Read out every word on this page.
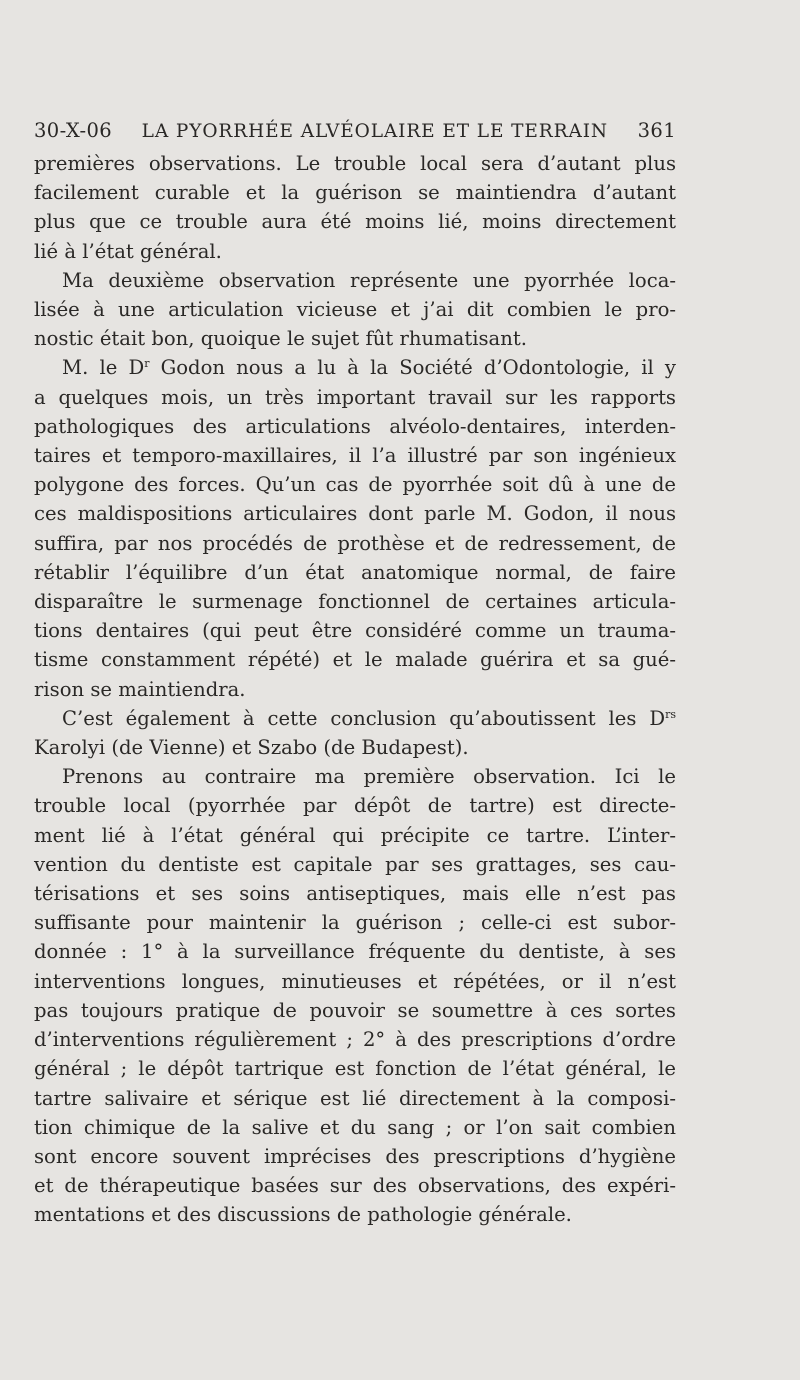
30-X-06	LA PYORRHÉE ALVÉOLAIRE ET LE TERRAIN	361

premières observations. Le trouble local sera d’autant plus
facilement curable et la guérison se maintiendra d’autant
plus que ce trouble aura été moins lié, moins directement
lié à l’état général.

Ma deuxième observation représente une pyorrhée loca-
lisée à une articulation vicieuse et j’ai dit combien le pro-
nostic était bon, quoique le sujet fût rhumatisant.

M. le $D^r$ Godon nous a lu à la Société d’Odontologie, il y
a quelques mois, un très important travail sur les rapports
pathologiques des articulations alvéolo-dentaires, interden-
taires et temporo-maxillaires, il l’a illustré par son ingénieux
polygone des forces. Qu’un cas de pyorrhée soit dû à une de
ces maldispositions articulaires dont parle M. Godon, il nous
suffira, par nos procédés de prothèse et de redressement, de
rétablir l’équilibre d’un état anatomique normal, de faire
disparaître le surmenage fonctionnel de certaines articula-
tions dentaires (qui peut être considéré comme un trauma-
tisme constamment répété) et le malade guérira et sa gué-
rison se maintiendra.

C’est également à cette conclusion qu’aboutissent les $D^{rs}$
Karolyi (de Vienne) et Szabo (de Budapest).

Prenons au contraire ma première observation. Ici le
trouble local (pyorrhée par dépôt de tartre) est directe-
ment lié à l’état général qui précipite ce tartre. L’inter-
vention du dentiste est capitale par ses grattages, ses cau-
térisations et ses soins antiseptiques, mais elle n’est pas
suffisante pour maintenir la guérison ; celle-ci est subor-
donnée : 1° à la surveillance fréquente du dentiste, à ses
interventions longues, minutieuses et répétées, or il n’est
pas toujours pratique de pouvoir se soumettre à ces sortes
d’interventions régulièrement ; 2° à des prescriptions d’ordre
général ; le dépôt tartrique est fonction de l’état général, le
tartre salivaire et sérique est lié directement à la composi-
tion chimique de la salive et du sang ; or l’on sait combien
sont encore souvent imprécises des prescriptions d’hygiène
et de thérapeutique basées sur des observations, des expéri-
mentations et des discussions de pathologie générale.
